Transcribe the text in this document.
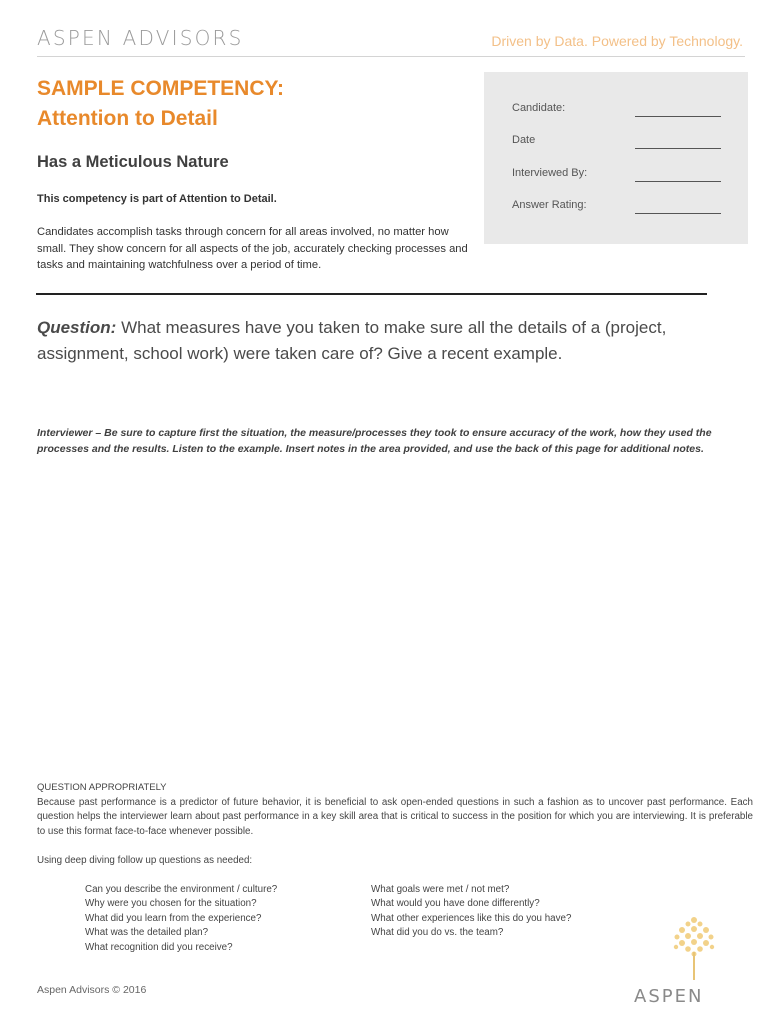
ASPEN ADVISORS	Driven by Data. Powered by Technology.
SAMPLE COMPETENCY:
Attention to Detail
Has a Meticulous Nature
This competency is part of Attention to Detail.
Candidates accomplish tasks through concern for all areas involved, no matter how small. They show concern for all aspects of the job, accurately checking processes and tasks and maintaining watchfulness over a period of time.
Candidate:
Date
Interviewed By:
Answer Rating:
Question: What measures have you taken to make sure all the details of a (project, assignment, school work) were taken care of? Give a recent example.
Interviewer – Be sure to capture first the situation, the measure/processes they took to ensure accuracy of the work, how they used the processes and the results. Listen to the example. Insert notes in the area provided, and use the back of this page for additional notes.
QUESTION APPROPRIATELY
Because past performance is a predictor of future behavior, it is beneficial to ask open-ended questions in such a fashion as to uncover past performance. Each question helps the interviewer learn about past performance in a key skill area that is critical to success in the position for which you are interviewing. It is preferable to use this format face-to-face whenever possible.
Using deep diving follow up questions as needed:
Can you describe the environment / culture?
Why were you chosen for the situation?
What did you learn from the experience?
What was the detailed plan?
What recognition did you receive?
What goals were met / not met?
What would you have done differently?
What other experiences like this do you have?
What did you do vs. the team?
Aspen Advisors © 2016	ASPEN
